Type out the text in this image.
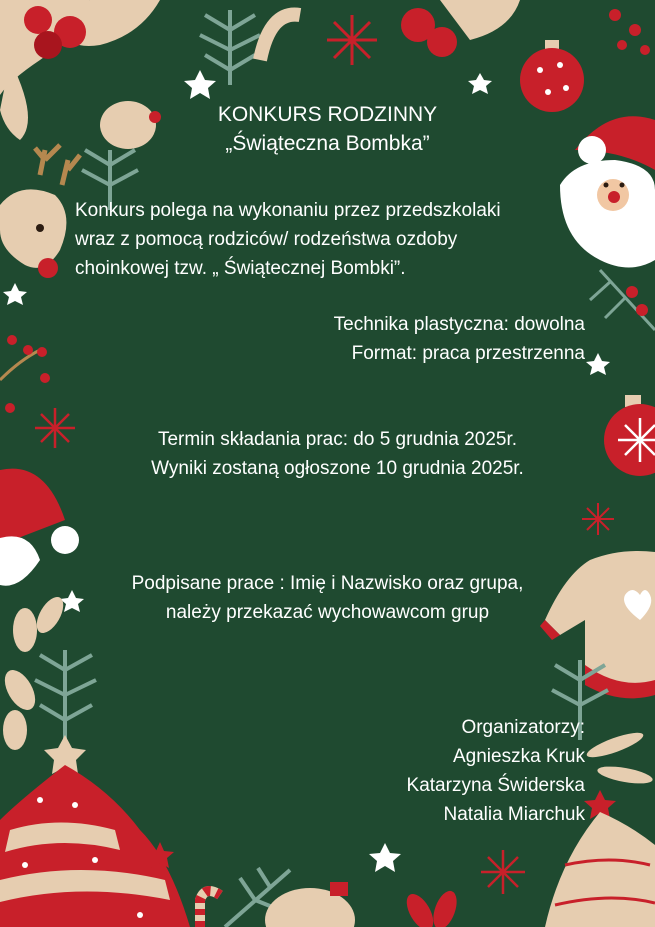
KONKURS RODZINNY
„Świąteczna Bombka”
Konkurs polega na wykonaniu przez przedszkolaki
wraz z pomocą rodziców/ rodzeństwa ozdoby
choinkowej tzw. „ Świątecznej Bombki”.
Technika plastyczna: dowolna
Format: praca przestrzenna
Termin składania prac: do 5 grudnia 2025r.
Wyniki zostaną ogłoszone 10 grudnia 2025r.
Podpisane prace : Imię i Nazwisko oraz grupa,
należy przekazać wychowawcom grup
Organizatorzy:
Agnieszka Kruk
Katarzyna Świderska
Natalia Miarchuk
